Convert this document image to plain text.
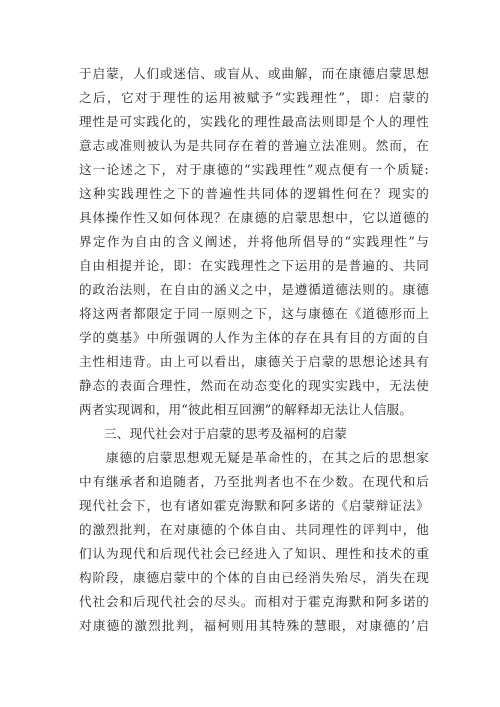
于启蒙，人们或迷信、或盲从、或曲解，而在康德启蒙思想
之后，它对于理性的运用被赋予“实践理性”，即：启蒙的
理性是可实践化的，实践化的理性最高法则即是个人的理性
意志或准则被认为是共同存在着的普遍立法准则。然而，在
这一论述之下，对于康德的“实践理性”观点便有一个质疑:
这种实践理性之下的普遍性共同体的逻辑性何在？现实的
具体操作性又如何体现？在康德的启蒙思想中，它以道德的
界定作为自由的含义阐述，并将他所倡导的“实践理性”与
自由相提并论，即：在实践理性之下运用的是普遍的、共同
的政治法则，在自由的涵义之中，是遵循道德法则的。康德
将这两者都限定于同一原则之下，这与康德在《道德形而上
学的奠基》中所强调的人作为主体的存在具有目的方面的自
主性相违背。由上可以看出，康德关于启蒙的思想论述具有
静态的表面合理性，然而在动态变化的现实实践中，无法使
两者实现调和，用“彼此相互回溯”的解释却无法让人信服。
三、现代社会对于启蒙的思考及福柯的启蒙
　　康德的启蒙思想观无疑是革命性的，在其之后的思想家
中有继承者和追随者，乃至批判者也不在少数。在现代和后
现代社会下，也有诸如霍克海默和阿多诺的《启蒙辩证法》
的激烈批判，在对康德的个体自由、共同理性的评判中，他
们认为现代和后现代社会已经进入了知识、理性和技术的重
构阶段，康德启蒙中的个体的自由已经消失殆尽，消失在现
代社会和后现代社会的尽头。而相对于霍克海默和阿多诺的
对康德的激烈批判，福柯则用其特殊的慧眼，对康德的’启
